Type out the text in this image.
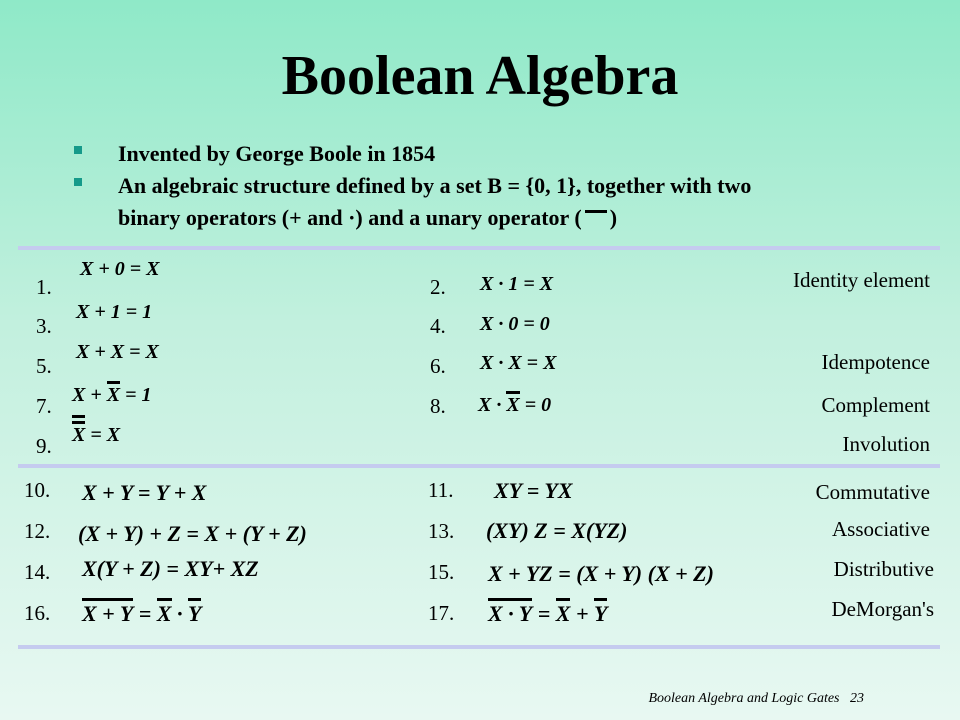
Boolean Algebra
Invented by George Boole in 1854
An algebraic structure defined by a set B = {0, 1}, together with two
binary operators (+ and ·) and a unary operator ( )
1.
3.
5.
7.
9.
X + 0 = X
X + 1 = 1
X + X = X
X + X = 1
X = X
2.
4.
6.
8.
X · 1 = X
X · 0 = 0
X · X = X
X · X = 0
Identity element
Idempotence
Complement
Involution
10.
12.
14.
16.
11.
13.
15.
17.
X + Y = Y + X
(X + Y) + Z = X + (Y + Z)
X(Y + Z) = XY+ XZ
X + Y = X · Y
XY = YX
(XY) Z = X(YZ)
X + YZ = (X + Y) (X + Z)
X · Y = X + Y
Commutative
Associative
Distributive
DeMorgan's
Boolean Algebra and Logic Gates 23
